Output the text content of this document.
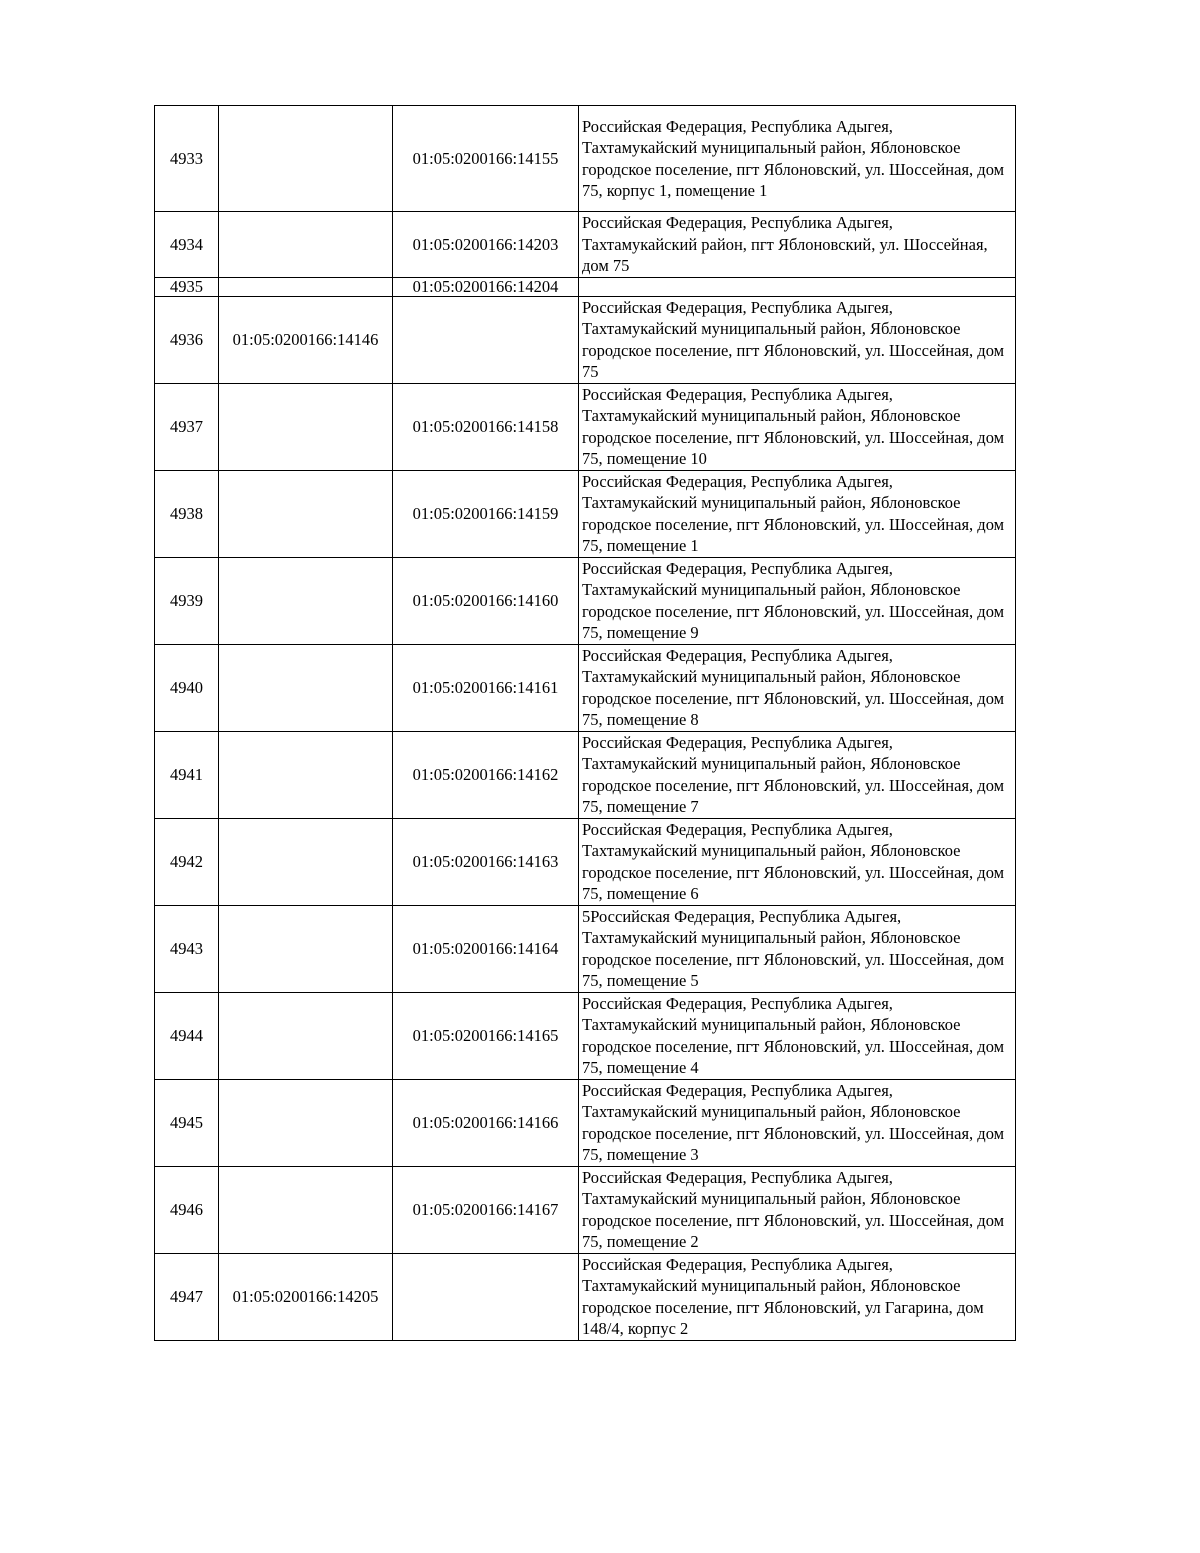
4933		01:05:0200166:14155	Российская Федерация, Республика Адыгея, Тахтамукайский муниципальный район, Яблоновское городское поселение, пгт Яблоновский, ул. Шоссейная, дом 75, корпус 1, помещение 1
4934		01:05:0200166:14203	Российская Федерация, Республика Адыгея, Тахтамукайский район, пгт Яблоновский, ул. Шоссейная, дом 75
4935		01:05:0200166:14204	
4936	01:05:0200166:14146		Российская Федерация, Республика Адыгея, Тахтамукайский муниципальный район, Яблоновское городское поселение, пгт Яблоновский, ул. Шоссейная, дом 75
4937		01:05:0200166:14158	Российская Федерация, Республика Адыгея, Тахтамукайский муниципальный район, Яблоновское городское поселение, пгт Яблоновский, ул. Шоссейная, дом 75, помещение 10
4938		01:05:0200166:14159	Российская Федерация, Республика Адыгея, Тахтамукайский муниципальный район, Яблоновское городское поселение, пгт Яблоновский, ул. Шоссейная, дом 75, помещение 1
4939		01:05:0200166:14160	Российская Федерация, Республика Адыгея, Тахтамукайский муниципальный район, Яблоновское городское поселение, пгт Яблоновский, ул. Шоссейная, дом 75, помещение 9
4940		01:05:0200166:14161	Российская Федерация, Республика Адыгея, Тахтамукайский муниципальный район, Яблоновское городское поселение, пгт Яблоновский, ул. Шоссейная, дом 75, помещение 8
4941		01:05:0200166:14162	Российская Федерация, Республика Адыгея, Тахтамукайский муниципальный район, Яблоновское городское поселение, пгт Яблоновский, ул. Шоссейная, дом 75, помещение 7
4942		01:05:0200166:14163	Российская Федерация, Республика Адыгея, Тахтамукайский муниципальный район, Яблоновское городское поселение, пгт Яблоновский, ул. Шоссейная, дом 75, помещение 6
4943		01:05:0200166:14164	5Российская Федерация, Республика Адыгея, Тахтамукайский муниципальный район, Яблоновское городское поселение, пгт Яблоновский, ул. Шоссейная, дом 75, помещение 5
4944		01:05:0200166:14165	Российская Федерация, Республика Адыгея, Тахтамукайский муниципальный район, Яблоновское городское поселение, пгт Яблоновский, ул. Шоссейная, дом 75, помещение 4
4945		01:05:0200166:14166	Российская Федерация, Республика Адыгея, Тахтамукайский муниципальный район, Яблоновское городское поселение, пгт Яблоновский, ул. Шоссейная, дом 75, помещение 3
4946		01:05:0200166:14167	Российская Федерация, Республика Адыгея, Тахтамукайский муниципальный район, Яблоновское городское поселение, пгт Яблоновский, ул. Шоссейная, дом 75, помещение 2
4947	01:05:0200166:14205		Российская Федерация, Республика Адыгея, Тахтамукайский муниципальный район, Яблоновское городское поселение, пгт Яблоновский, ул Гагарина, дом 148/4, корпус 2
